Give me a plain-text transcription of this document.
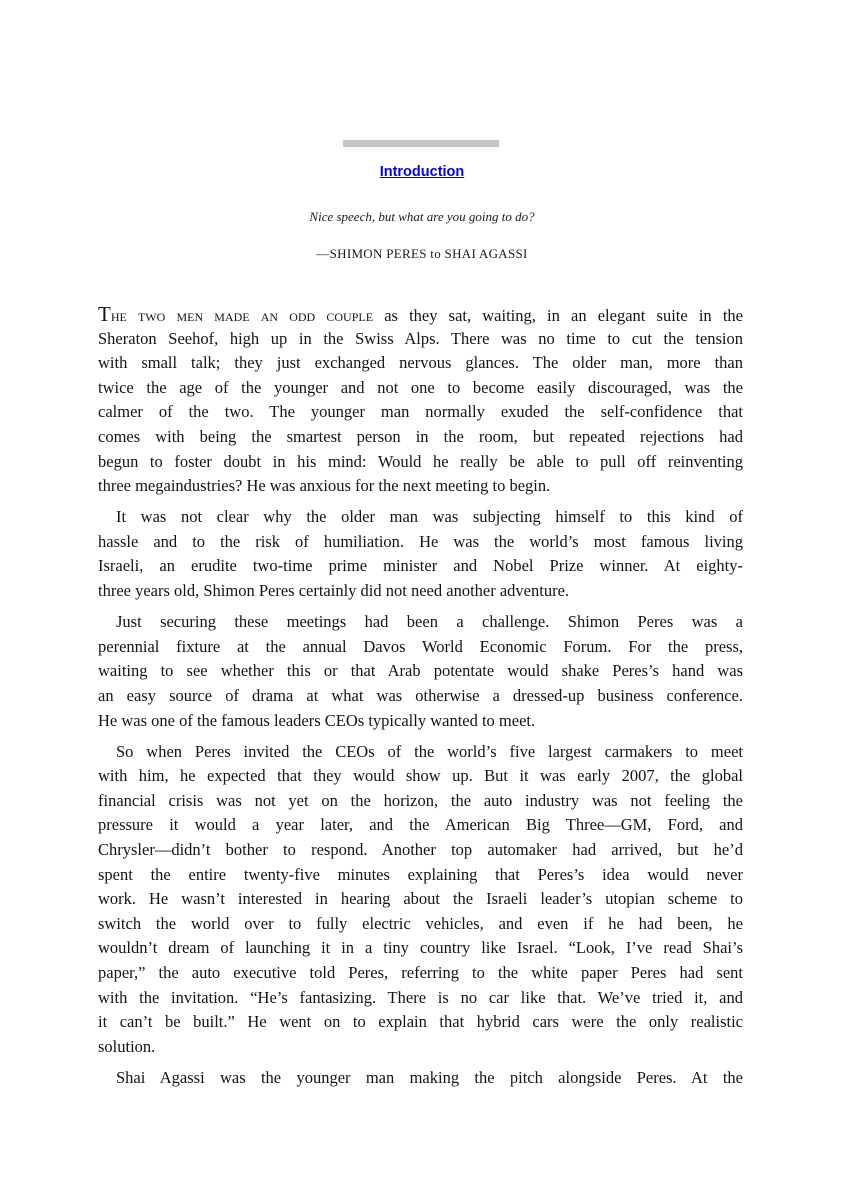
Introduction
Nice speech, but what are you going to do?
—SHIMON PERES to SHAI AGASSI
The two men made an odd couple as they sat, waiting, in an elegant suite in the
Sheraton Seehof, high up in the Swiss Alps. There was no time to cut the tension
with small talk; they just exchanged nervous glances. The older man, more than
twice the age of the younger and not one to become easily discouraged, was the
calmer of the two. The younger man normally exuded the self-confidence that
comes with being the smartest person in the room, but repeated rejections had
begun to foster doubt in his mind: Would he really be able to pull off reinventing
three megaindustries? He was anxious for the next meeting to begin.
It was not clear why the older man was subjecting himself to this kind of
hassle and to the risk of humiliation. He was the world’s most famous living
Israeli, an erudite two-time prime minister and Nobel Prize winner. At eighty-
three years old, Shimon Peres certainly did not need another adventure.
Just securing these meetings had been a challenge. Shimon Peres was a
perennial fixture at the annual Davos World Economic Forum. For the press,
waiting to see whether this or that Arab potentate would shake Peres’s hand was
an easy source of drama at what was otherwise a dressed-up business conference.
He was one of the famous leaders CEOs typically wanted to meet.
So when Peres invited the CEOs of the world’s five largest carmakers to meet
with him, he expected that they would show up. But it was early 2007, the global
financial crisis was not yet on the horizon, the auto industry was not feeling the
pressure it would a year later, and the American Big Three—GM, Ford, and
Chrysler—didn’t bother to respond. Another top automaker had arrived, but he’d
spent the entire twenty-five minutes explaining that Peres’s idea would never
work. He wasn’t interested in hearing about the Israeli leader’s utopian scheme to
switch the world over to fully electric vehicles, and even if he had been, he
wouldn’t dream of launching it in a tiny country like Israel. “Look, I’ve read Shai’s
paper,” the auto executive told Peres, referring to the white paper Peres had sent
with the invitation. “He’s fantasizing. There is no car like that. We’ve tried it, and
it can’t be built.” He went on to explain that hybrid cars were the only realistic
solution.
Shai Agassi was the younger man making the pitch alongside Peres. At the
